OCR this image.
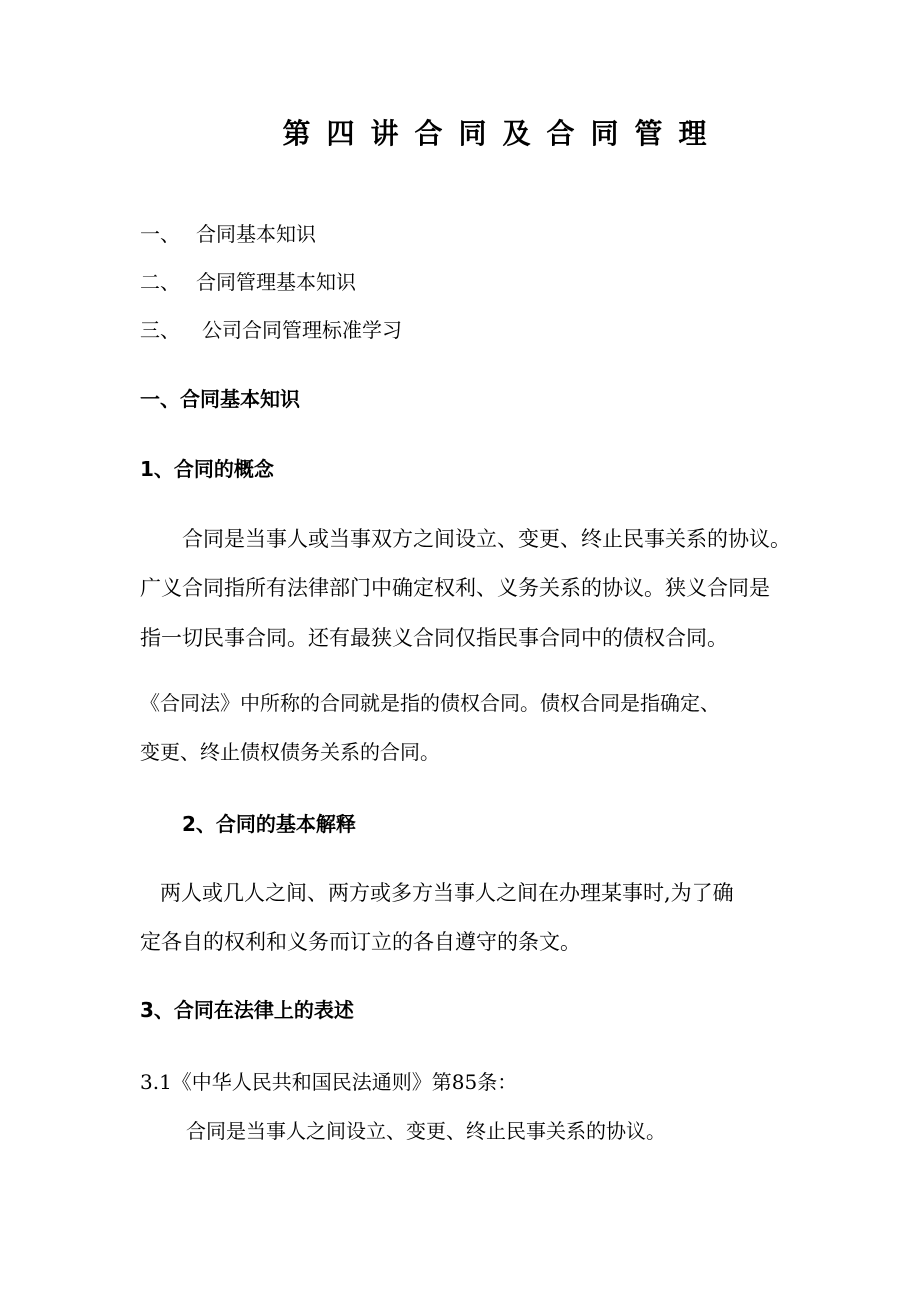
第四讲合同及合同管理
一、 合同基本知识
二、 合同管理基本知识
三、 公司合同管理标准学习
一、合同基本知识
1、合同的概念
合同是当事人或当事双方之间设立、变更、终止民事关系的协议。
广义合同指所有法律部门中确定权利、义务关系的协议。狭义合同是
指一切民事合同。还有最狭义合同仅指民事合同中的债权合同。
《合同法》中所称的合同就是指的债权合同。债权合同是指确定、
变更、终止债权债务关系的合同。
2、合同的基本解释
两人或几人之间、两方或多方当事人之间在办理某事时,为了确
定各自的权利和义务而订立的各自遵守的条文。
3、合同在法律上的表述
3.1《中华人民共和国民法通则》第85条：
合同是当事人之间设立、变更、终止民事关系的协议。
